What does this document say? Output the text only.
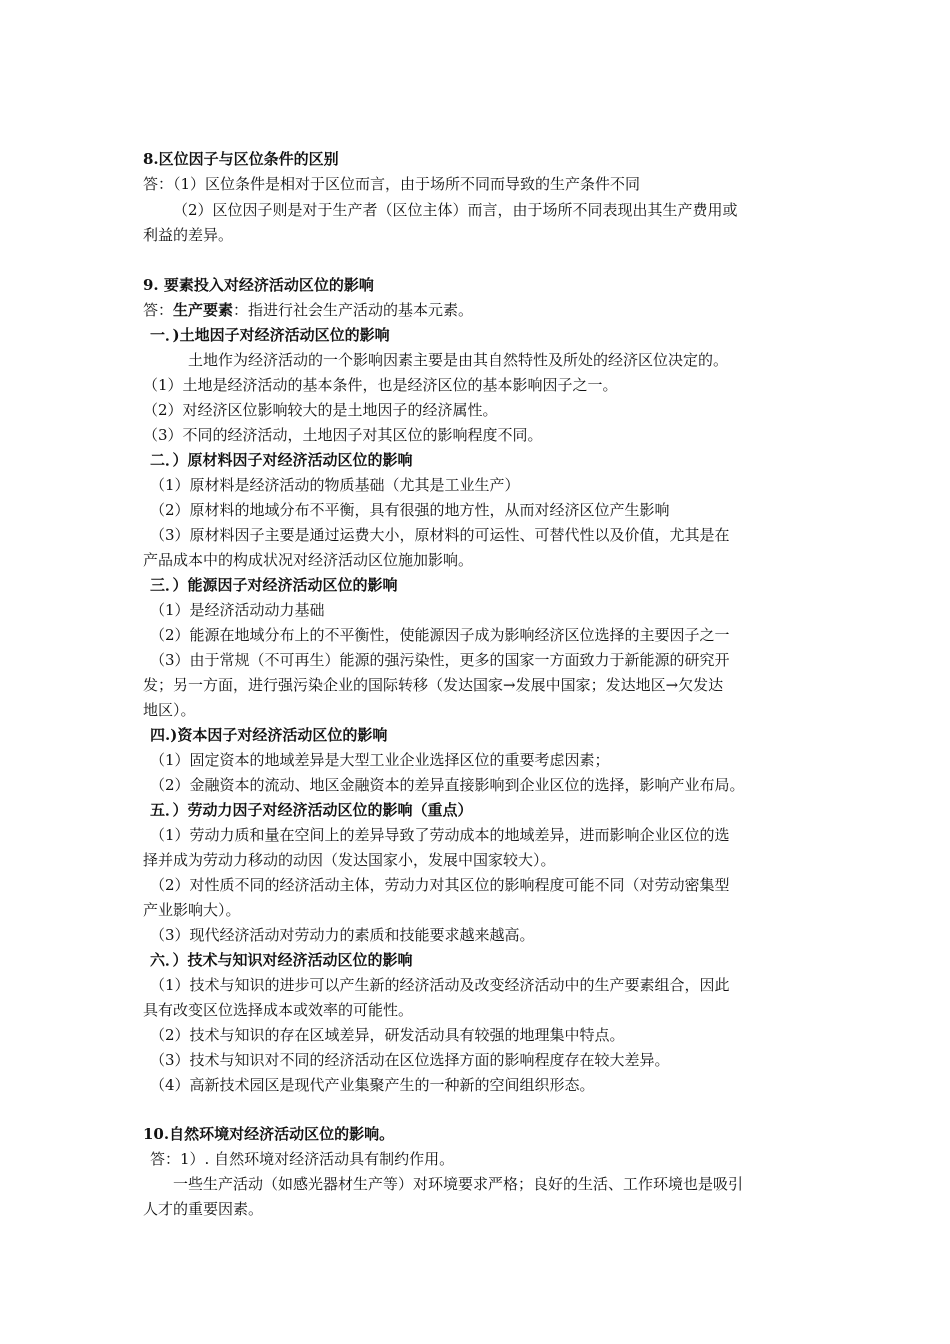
8.区位因子与区位条件的区别
答：（1）区位条件是相对于区位而言，由于场所不同而导致的生产条件不同
（2）区位因子则是对于生产者（区位主体）而言，由于场所不同表现出其生产费用或
利益的差异。
9. 要素投入对经济活动区位的影响
答：生产要素：指进行社会生产活动的基本元素。
一．)土地因子对经济活动区位的影响
土地作为经济活动的一个影响因素主要是由其自然特性及所处的经济区位决定的。
（1）土地是经济活动的基本条件，也是经济区位的基本影响因子之一。
（2）对经济区位影响较大的是土地因子的经济属性。
（3）不同的经济活动，土地因子对其区位的影响程度不同。
二．）原材料因子对经济活动区位的影响
（1）原材料是经济活动的物质基础（尤其是工业生产）
（2）原材料的地域分布不平衡，具有很强的地方性，从而对经济区位产生影响
（3）原材料因子主要是通过运费大小，原材料的可运性、可替代性以及价值，尤其是在
产品成本中的构成状况对经济活动区位施加影响。
三．）能源因子对经济活动区位的影响
（1）是经济活动动力基础
（2）能源在地域分布上的不平衡性，使能源因子成为影响经济区位选择的主要因子之一
（3）由于常规（不可再生）能源的强污染性，更多的国家一方面致力于新能源的研究开
发；另一方面，进行强污染企业的国际转移（发达国家→发展中国家；发达地区→欠发达
地区）。
四.)资本因子对经济活动区位的影响
（1）固定资本的地域差异是大型工业企业选择区位的重要考虑因素；
（2）金融资本的流动、地区金融资本的差异直接影响到企业区位的选择，影响产业布局。
五．）劳动力因子对经济活动区位的影响（重点）
（1）劳动力质和量在空间上的差异导致了劳动成本的地域差异，进而影响企业区位的选
择并成为劳动力移动的动因（发达国家小，发展中国家较大）。
（2）对性质不同的经济活动主体，劳动力对其区位的影响程度可能不同（对劳动密集型
产业影响大）。
（3）现代经济活动对劳动力的素质和技能要求越来越高。
六．）技术与知识对经济活动区位的影响
（1）技术与知识的进步可以产生新的经济活动及改变经济活动中的生产要素组合，因此
具有改变区位选择成本或效率的可能性。
（2）技术与知识的存在区域差异，研发活动具有较强的地理集中特点。
（3）技术与知识对不同的经济活动在区位选择方面的影响程度存在较大差异。
（4）高新技术园区是现代产业集聚产生的一种新的空间组织形态。
10.自然环境对经济活动区位的影响。
答：1）. 自然环境对经济活动具有制约作用。
一些生产活动（如感光器材生产等）对环境要求严格；良好的生活、工作环境也是吸引
人才的重要因素。
